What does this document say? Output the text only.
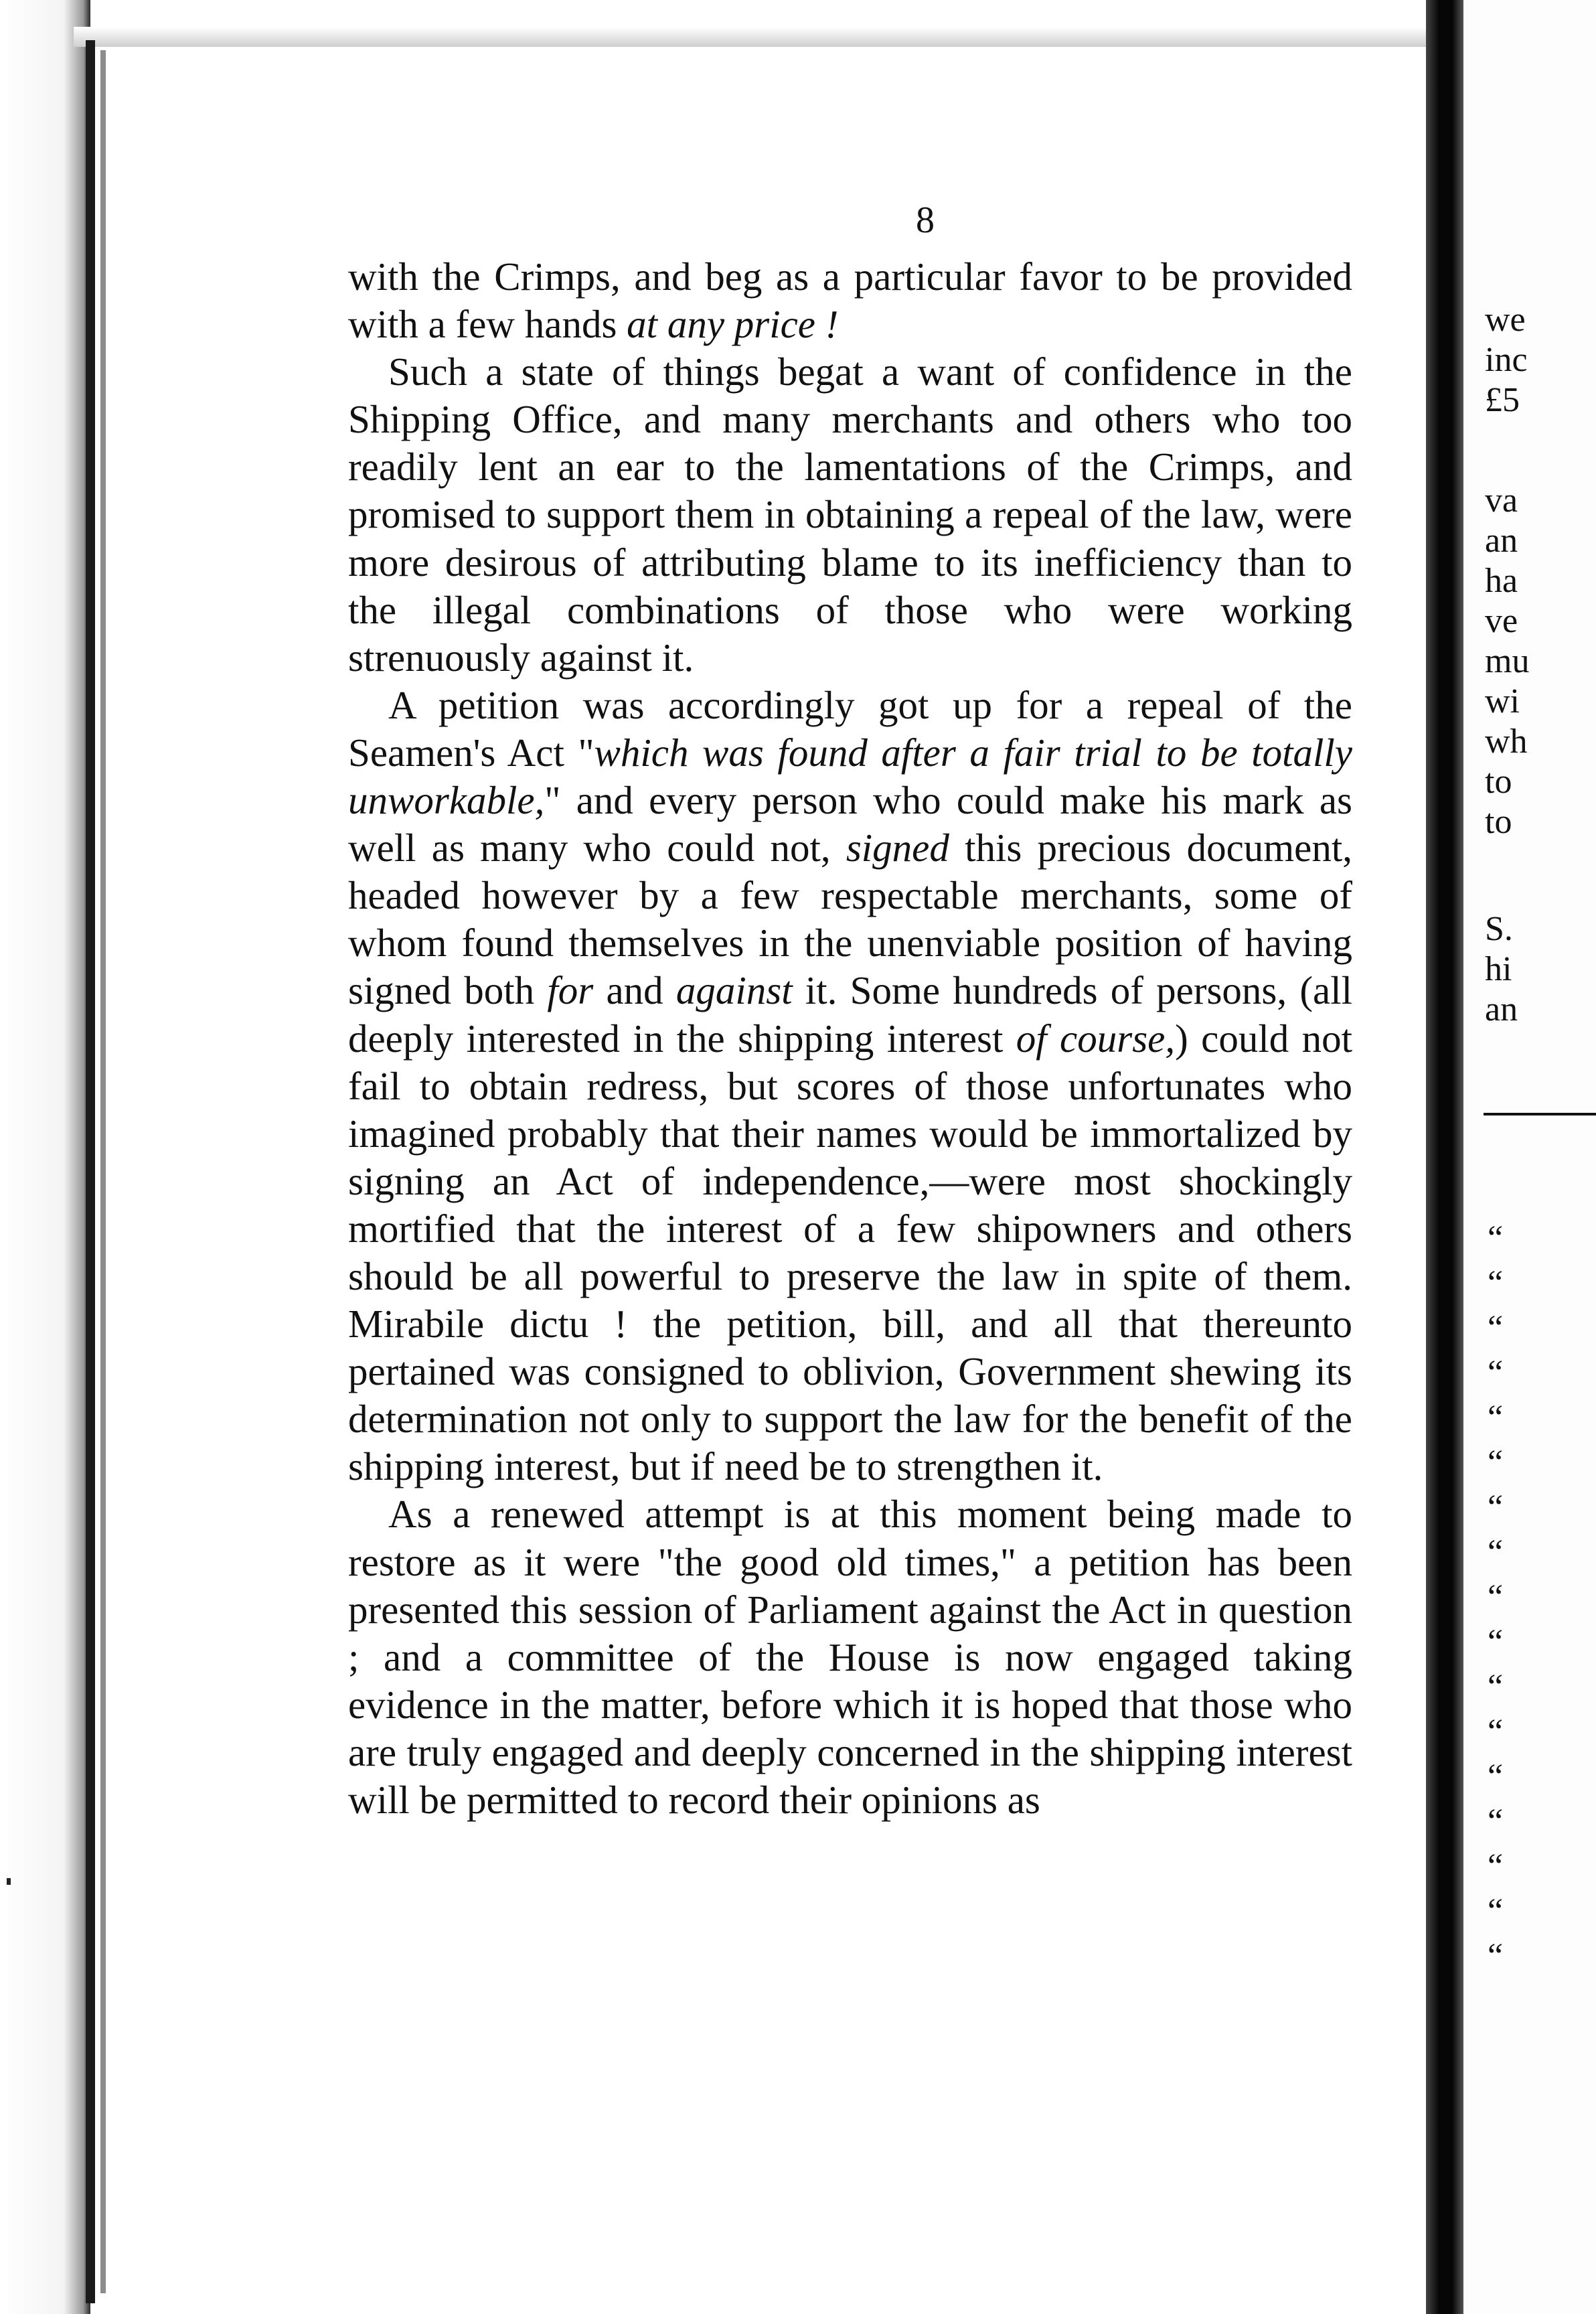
8

with the Crimps, and beg as a particular favor to be provided with a few hands at any price !

Such a state of things begat a want of confidence in the Shipping Office, and many merchants and others who too readily lent an ear to the lamentations of the Crimps, and promised to support them in obtaining a repeal of the law, were more desirous of attributing blame to its inefficiency than to the illegal combinations of those who were working strenuously against it.

A petition was accordingly got up for a repeal of the Seamen's Act "which was found after a fair trial to be totally unworkable," and every person who could make his mark as well as many who could not, signed this precious document, headed however by a few respectable merchants, some of whom found themselves in the unenviable position of having signed both for and against it. Some hundreds of persons, (all deeply interested in the shipping interest of course,) could not fail to obtain redress, but scores of those unfortunates who imagined probably that their names would be immortalized by signing an Act of independence,—were most shockingly mortified that the interest of a few shipowners and others should be all powerful to preserve the law in spite of them. Mirabile dictu ! the petition, bill, and all that thereunto pertained was consigned to oblivion, Government shewing its determination not only to support the law for the benefit of the shipping interest, but if need be to strengthen it.

As a renewed attempt is at this moment being made to restore as it were "the good old times," a petition has been presented this session of Parliament against the Act in question ; and a committee of the House is now engaged taking evidence in the matter, before which it is hoped that those who are truly engaged and deeply concerned in the shipping interest will be permitted to record their opinions as

we
inc
£5
va
an
ha
ve
mu
wi
wh
to
to
S.
hi
an
“
“
“
“
“
“
“
“
“
“
“
“
“
“
“
“
“
